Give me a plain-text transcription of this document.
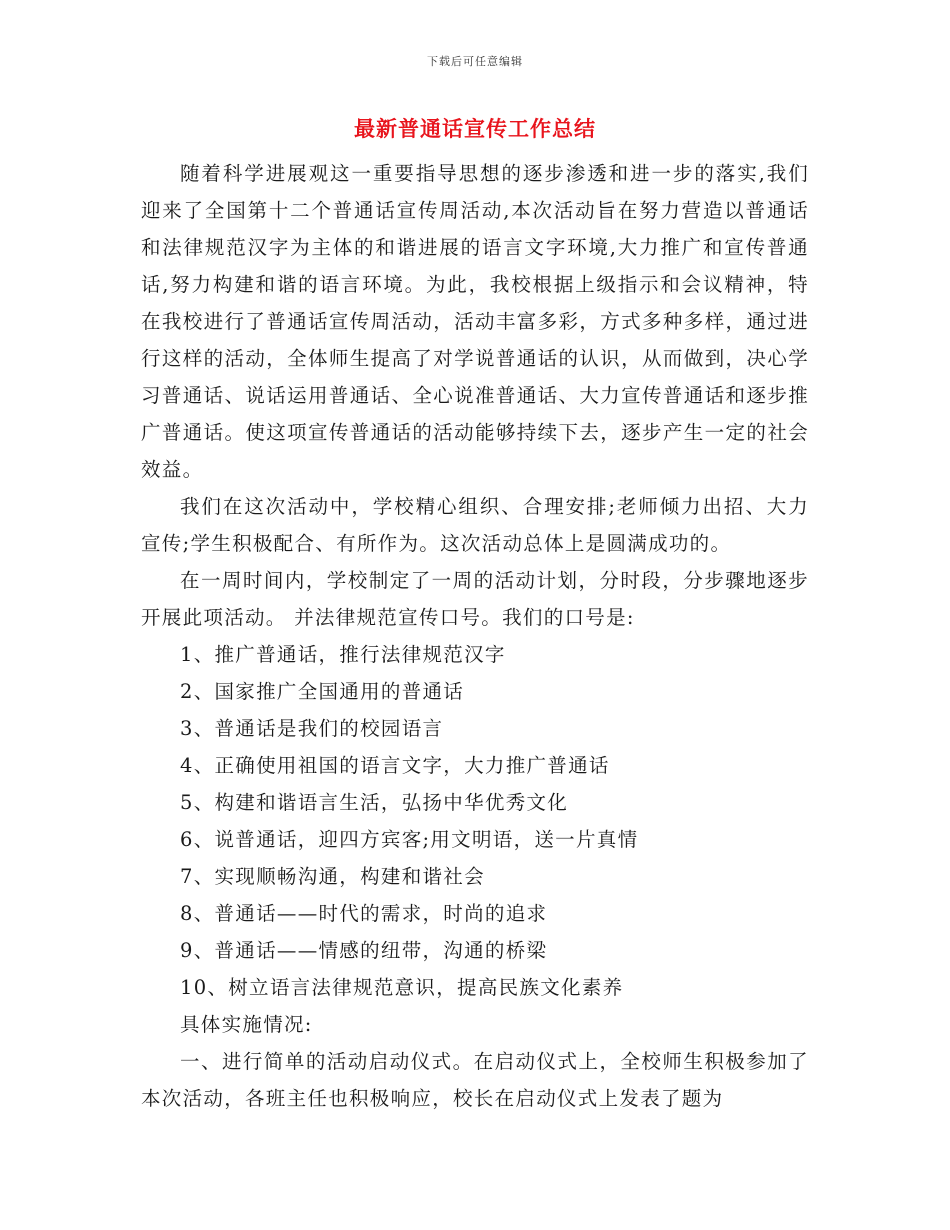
下载后可任意编辑
最新普通话宣传工作总结

随着科学进展观这一重要指导思想的逐步渗透和进一步的落实,我们迎来了全国第十二个普通话宣传周活动,本次活动旨在努力营造以普通话和法律规范汉字为主体的和谐进展的语言文字环境,大力推广和宣传普通话,努力构建和谐的语言环境。为此，我校根据上级指示和会议精神，特在我校进行了普通话宣传周活动，活动丰富多彩，方式多种多样，通过进行这样的活动，全体师生提高了对学说普通话的认识，从而做到，决心学习普通话、说话运用普通话、全心说准普通话、大力宣传普通话和逐步推广普通话。使这项宣传普通话的活动能够持续下去，逐步产生一定的社会效益。

我们在这次活动中，学校精心组织、合理安排;老师倾力出招、大力宣传;学生积极配合、有所作为。这次活动总体上是圆满成功的。

在一周时间内，学校制定了一周的活动计划，分时段，分步骤地逐步开展此项活动。 并法律规范宣传口号。我们的口号是:

1、推广普通话，推行法律规范汉字

2、国家推广全国通用的普通话

3、普通话是我们的校园语言

4、正确使用祖国的语言文字，大力推广普通话

5、构建和谐语言生活，弘扬中华优秀文化

6、说普通话，迎四方宾客;用文明语，送一片真情

7、实现顺畅沟通，构建和谐社会

8、普通话——时代的需求，时尚的追求

9、普通话——情感的纽带，沟通的桥梁

10、树立语言法律规范意识，提高民族文化素养

具体实施情况:

一、进行简单的活动启动仪式。在启动仪式上，全校师生积极参加了本次活动，各班主任也积极响应，校长在启动仪式上发表了题为
